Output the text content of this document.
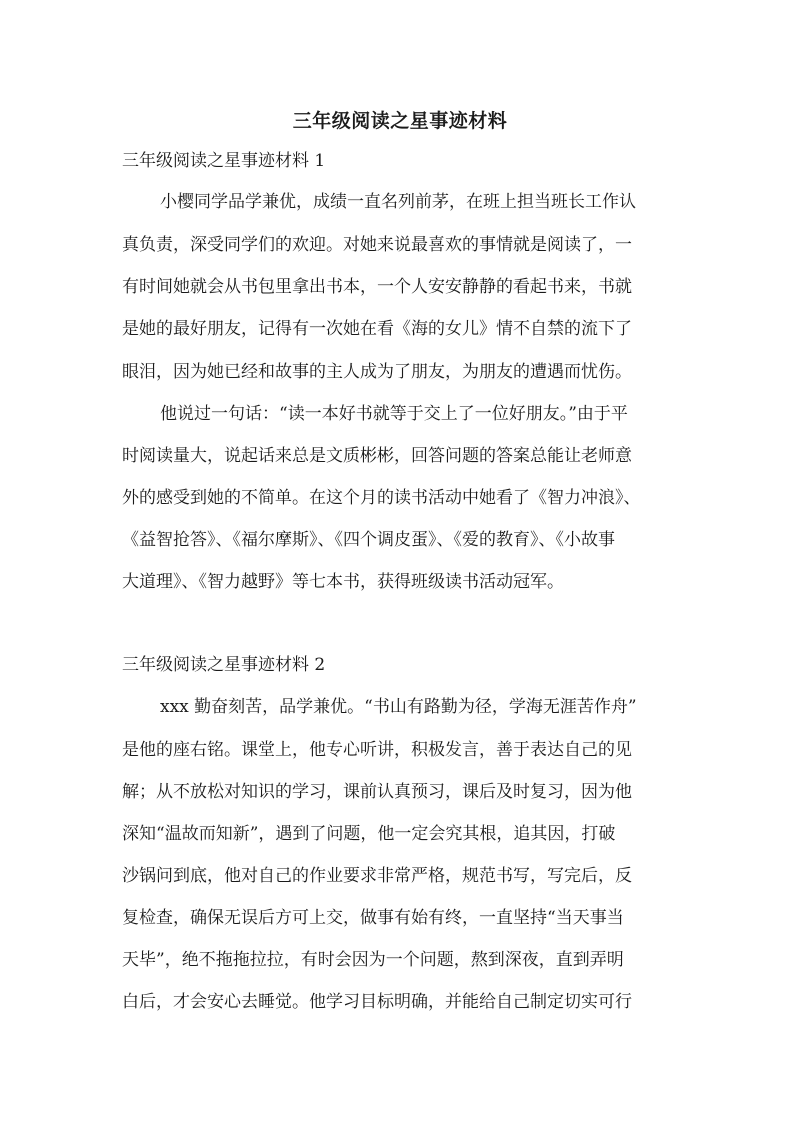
三年级阅读之星事迹材料
三年级阅读之星事迹材料 1
小樱同学品学兼优，成绩一直名列前茅，在班上担当班长工作认
真负责，深受同学们的欢迎。对她来说最喜欢的事情就是阅读了，一
有时间她就会从书包里拿出书本，一个人安安静静的看起书来，书就
是她的最好朋友，记得有一次她在看《海的女儿》情不自禁的流下了
眼泪，因为她已经和故事的主人成为了朋友，为朋友的遭遇而忧伤。
他说过一句话：“读一本好书就等于交上了一位好朋友。”由于平
时阅读量大，说起话来总是文质彬彬，回答问题的答案总能让老师意
外的感受到她的不简单。在这个月的读书活动中她看了《智力冲浪》、
《益智抢答》、《福尔摩斯》、《四个调皮蛋》、《爱的教育》、《小故事
大道理》、《智力越野》等七本书，获得班级读书活动冠军。
三年级阅读之星事迹材料 2
xxx 勤奋刻苦，品学兼优。“书山有路勤为径，学海无涯苦作舟”
是他的座右铭。课堂上，他专心听讲，积极发言，善于表达自己的见
解；从不放松对知识的学习，课前认真预习，课后及时复习，因为他
深知“温故而知新”，遇到了问题，他一定会究其根，追其因，打破
沙锅问到底，他对自己的作业要求非常严格，规范书写，写完后，反
复检查，确保无误后方可上交，做事有始有终，一直坚持“当天事当
天毕”，绝不拖拖拉拉，有时会因为一个问题，熬到深夜，直到弄明
白后，才会安心去睡觉。他学习目标明确，并能给自己制定切实可行
